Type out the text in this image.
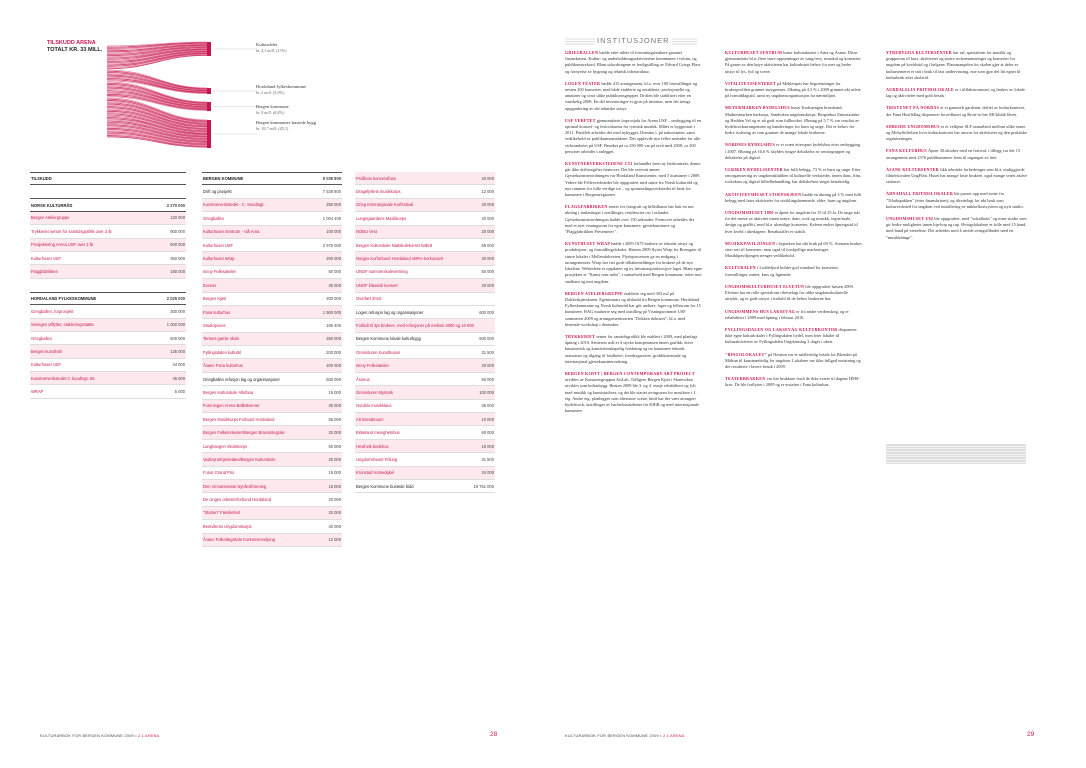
TILSKUDD ARENA
TOTALT KR. 33 MILL.
Kulturrådet
kr. 4,3 mill. (13%)
Hordaland fylkeskommune
kr. 2 mill. (5,9%)
Bergen kommune
kr. 9 mill. (8,4%)
Bergen kommunes bustede bygg
kr. 19,7 mill. (45,3)
TILSKUDD
NORSK KULTURRÅD	2 270 000
Bergen Ateliergruppe	120 000
Trykkeriet senter for samtidsgrafikk over 3 år	900 000
Prosjektering Arena USF over 3 år	600 000
Kulturhuset USF	350 000
Flaggfabrikken	180 000
HORDALAND FYLKESKOMMUNE	2 025 000
Griegballen, forprosjekt	300 000
Svenges utflytter, etableringsstøtte	1 000 000
Griegballen	500 000
Bergen kunsthall	135 000
Kulturhuset USF	44 000
Kunstnerverkstedet C Sundtsgt. 55	45 000
WRAP	5 000
BERGEN KOMMUNE	9 039 800
Drift og prosjekt	7 539 800
Kunstnerverkstedet - C. Sundtsgt.	250 000
Griegballen	1 004 400
Kulturhuset Sentrum - Viå Arna	100 000
Kulturhuset USF	2 975 000
Kulturhuset Wrap	200 000
Isnoy Fellesateiler	50 000
Excess	30 000
Bergen Kjøtt	200 000
Fana kulturhus	1 900 000
Studiopoves	180 400
Tertnes gamle skole	250 000
Fyllingsdalen kulturkl	200 000
Åsane Fana kulturhus	200 000
Griegballen refusjon lag og organisasjoner	600 000
Bergen Kulturskole Vikifana	15 000
Foreningen Arena Ballettverner	30 000
Bergen Musikkorps Forbund Hordaland	55 000
Bergen Folkelorkester/Bergen Brassintegrale	20 000
Langhangen Skolekorps	50 000
Vadmyra/Kjerkeløen/Bergen Kulturskole	20 000
Foruti Grand Prix	15 000
Den Vinnarstesste Nynfestforening	15 000
De Unges orkesterforbund Hordaland	20 000
"Starten" Familiefest	20 000
Bentvikens Ungdomskorps	40 000
Åsane Folkelægskole Korkonserveljong	12 000
Profilens konservifans	20 000
Dragefjellets musikkorps	12 000
Grieg Internasjonale Korfestival	20 000
Lungegaardens Musikkorps	40 000
NOBU Vest	20 000
Bergen Kulturskole Nattskolekorset ballett	55 000
Norges Korforbund Hordaland ABRA-korkonsert	40 000
UNOF sommerskolevertning	50 000
UNOF klassisk konsert	20 000
Overført 2010
Logen refusjon lag og organisasjoner	600 000
Forbidt til 3pt brukere, med refusjoner på mellom 3000 og 10 000
Bergen Kommune lokale kulturbygg	500 000
Grenisturen Kunsthusen	31 500
Isnoy Fellesateiler	20 000
Åsneus	60 000
Grenisturen Mymark	100 000
Nordslo musikklaus	35 000
Alt Interaktuum	10 000
Birkeland menighetshus	60 000
Hesthvik bedehus	18 000
Ungdomshuset Frilung	31 500
Kronstad Hotvedgkel	34 000
Bergen Kommune bustede bidd	19 761 000
KULTURARBOK FOR BERGEN KOMMUNE 2009 • 2.1 ARENA	28
INSTITUSJONER

GRIEGBALLEN hadde etter utleie til forestningsbrukere grunnet finanskrisen. Kultur- og underholdningsaktivitetene kommunen i volum, og publikumsrekord. Blant utfordringene er ferdigstilling av Edvard Griegs Plass og fornyelse av bygning og teknisk infrastruktur.

LOGEN TEATER hadde 415 arrangement, bl.a. over 100 forestillinger og nesten 200 konserter, med både etablerte og uetablerte, profesjonelle og amatører og svart ulike publikumsgrupper. Driften ble stabilisert etter en vanskelig 2008. En del investeringer er gjort på inventar, men det trengs oppgradering av det tekniske utstyr.

USF VERFTET gjennomførte forprosjekt for Arena USF – ombygging til en optimal konsert- og festivalarena for rytmisk musikk. Målet er byggestart i 2011. Parallelt arbeides det med nybygget, Domino i, på nabotomten, samt vedlikehold av publikumsområdene. Det opplevde nye felles nettsider for alle virksomheter på USF. Besøket på ca 250 000 var på nivå med 2008, ca 300 personer arbeider i anlegget.

KUNSTNERVERKSTEDENE C53 forhandlet frem ny leiekontrakt, denne går ikke driftsutgifter fremover. Det ble overtatt annen Gjestekunstnerordningen var Hordaland Kunstsenter, med 5 kunstnere i 2009. Videre ble Fellesverkstedet ble oppgradert med støtte fra Norsk kulturråd og nye rammer for fulle verdige tre – og sprutmalingsverkstedet til bruk for kunstnere i Bergensregionen.

FLAGGFABRIKKEN senter for fotografi og billedkunst har hatt en ørn økning i innlastinger i utstillinger, residencies ow i utlandet. Gjestekunstnerordningen hadde over 150 søknader. Fremover arbeides det med et nytt visningsrom for egne kunstnere, gjestekunstnere og "Flaggfabrikken Presenterer".

KUNSTHUSET WRAP hadde i 2009 1675 brukere av teknisk utstyr og produksjons- og formidlingslokaler. Høsten 2009 flyttet Wrap fra Bressgate til større lokaler i Mellendalsveien. Flytteprosessen ga en nedgang i arrangementer. Wrap har fatt gode tilbakemeldinger fra brukere på de nye lokalene. Websidene er oppdatert og ny informasjonsbrosjyre laget. Blant egne prosjekter er "Kunst som nabo", i samarbeid med Bergen kommune, rettet mot småbarn og mot ungdom.

BERGEN ATELIERGRUPPE etablerte seg med 303 m2 på Dokkeskjærskaien. Egeninnsats og tilskudd fra Bergen kommune, Hordaland Fylkeskommune og Norsk kulturråd har gitt ateliere, lager og fellesrom for 15 kunstnere. BAG markerte seg med utstilling på Visningsrommet USF sommeren 2009 og arrangementsserien "Dokken doktarer", bl.a. med biennale-workshop i desember.

TRYKKERIET senter for samtidsgrafikk ble etablert i 2009, med planlagt åpning i 2010. Senterets mål er å styrke kompetansen innen grafikk, drive kunstnerisk og kunstvitenskapelig forskning og tre kunstnere teknisk assistanse og tilgang til fasiliteter, foredragsserier, grafikktriennale og internasjonal gjestekunstnerordning.

BERGEN KJØTT | BERGEN CONTEMPORARY ART PROJECT utvikles av Kunstnergruppen ArtLab. Tidligere Bergen Kjøtt i Skuteviken utvikles som kulturbygg. Høsten 2009 ble 3. og 4. etasje rehabilitert og fylt med musikk og kunststudioer, og det ble startet øvingsrom for musikere i 1. etg. Andre etg. planlegges som alternativ scene, hittil har det vært arrangert bydelsrock, utstillinger av bachelorstudenter fra KHiB og med internasjonale kunstnere.

KULTURHUSET SENTRUM huser kulturaktører i Arna og Åsane. Disse gjennomførte bl.a. flere store oppsetninger av sang/revy, musikal og konserter. På grunn av den høye aktiviteten har kulturhuset behov for mer og bedre utstyr til lys, lyd og scene.

VITALITETSSENTERET på Mehlenpris har begrensninger for brukerprofilen grunnet støygrenser. Økning på 4,3 % i 2009 grunnet økt utleie på formiddagstid, samt ny ungdomsorganisasjon fra nærmiljøet.

MEYERMARKEN BYDELSHUS huser Krohnengen brassband, Mathiesmarken barkorps, Sandviken ungdomskorps, Bergenhus Entusiastøke og Hedden Vel og er nå godt som fullbooket. Økning på 5,7 % var resultat av bydelsrockarrangement og bandevinger for barn og unge. Det er behov for bedre isolering av rom grunnet de mange lokale brukerne.

NORDNES BYDELSHUS er et svært etterspurt bydelshus etter ombygging i 2007. Økning på 16,6 % skyldes tyngre deltakelse av seniorgrupper og deltakelse på digital.

ULRIKEN BYDELSSENTER har fullt belegg, 73 % er barn og unge. Etter omorganisering av ungdomsklubben til kulturelle verksteder, innen dans, film, rockekurs og digital billedbehandling, har deltakelsen steget betraktelig.

AKTIVITETSHUSET STOEPSKJEEN hadde en økning på 3 % med fullt belegg med faste aktiviteter for utviklingshemmede, eldre, barn og ungdom.

UNGDOMSHUSET 1880 er åpent for ungdom fra 15 til 25 år. De unge står for det meste av aktivitet innen teatre, dans, rock og musikk, tegne/male, design og graffiti, med bl.a. ukentlige konserter. Kafeen endret åpningstid til hver kveld i ukedagene. Besøkstallet er stabilt.

MUSIKKPAVILJONGEN i byparken har økt bruk på 69 %. Arenaen brukes stort sett til konserter, men også til forskjellige markeringer. Musikkpaviljongen trenger vedlikehold.

KULTURALEN i Loddefjord holder god standard for konserter, forestillinger, møter, kurs og lignende.

UNGDOMSKULTURHUSET ELVETUN ble oppgradert høsten 2009. Elvetun har en rolle spesialrom tilrettelagt for ulike ungdomskulturelle uttrykk, og er godt utstyrt i forhold til de behov brukerne har.

UNGDOMMENS HUS LAKSEVÅG er fra andre verdenskrig, og er rehabilitert i 2009 med åpning i februar 2010.

FYLLINGSDALEN OG LAKSEVÅG KULTURKONTOR disponerer ikke egne kulturlokaler i Fyllingsdalen bydel, men leier lokaler til kulturaktiviteter av Fyllingsdalen Ungdomslag 2 dager i uken.

"BINGOLOKALET" på Nesttun var et midlertidig lokale for Blonden på Midtun til kunstnærbolig for ungdom. Lokalene var ikke fullgod erstatning og det resulterte i lavere besøk i 2009.

TEATERBRAKKEN var lite brukbare fordi de ikke svarte til dagens HMS-krav. De ble fraflyttet i 2009 og er erstattet i Fana kulturhus.

YTREBYGDA KULTURSENTER har sal, spesialrom for musikk og grupperom til kurs, aktiviteter og større rockemønstringer og konserter for ungdom på kveldstid og i helgene. Plassmangelen for skolen gjør at deler av kultursenteret er tatt i bruk til fast undervisning, noe som gjør det litt egnet til kulturbruk etter skoletid.

AURDALSLIA FRITIDSLOKALE er i tilfluktsrommet, og brukes av lokale lag og aktiviteter med godt besøk.

TRISTUNET PÅ NORDÅS er et gammelt gardstun, driftet av kulturkontoret, der Fana Husflidlag disponerer hovedhuset og Brott-to-bre MCklubb låven.

SØREIDE UNGDOMSHUS er et velkjent SLT-samarbeid mellom ulike etater og MobyStiftelsen hvor kulturkontoret har ansvar for aktiviteter og den praktiske organiseringen.

FANA KULTURHUS Åpnet 30.oktober med en festival, i tillegg var det 15 arrangement med 2376 publikummere frem til utgangen av året.

ÅSANE KULTURSENTER fikk tekniske forbedringer som bl.a. muliggjorde filmfestivalen UngFilm. Huset har mange faste brukere, også mange svært aktive seniorer.

ÅDNAHALL FRITIDSLOKALER ble pusset opp med støtte fra "Tiltakspakken" (etter finanskrisen), og tilrettelagt for økt bruk som kulturverksted for ungdom ved installering av nøkkelkortsystem og nytt studio.

UNGDOMSHUSET U82 ble oppgradert, med "vokalboks" og mini-studio som gir bedre muligheter innen hip-hop og rap. Øvingslokalene er fulle med 15 band, med band på venteliste. Det arbeides med å utvide øvingstilbudet med en "musikkbinge".

KULTURARBOK FOR BERGEN KOMMUNE 2009 • 2.1 ARENA	29
